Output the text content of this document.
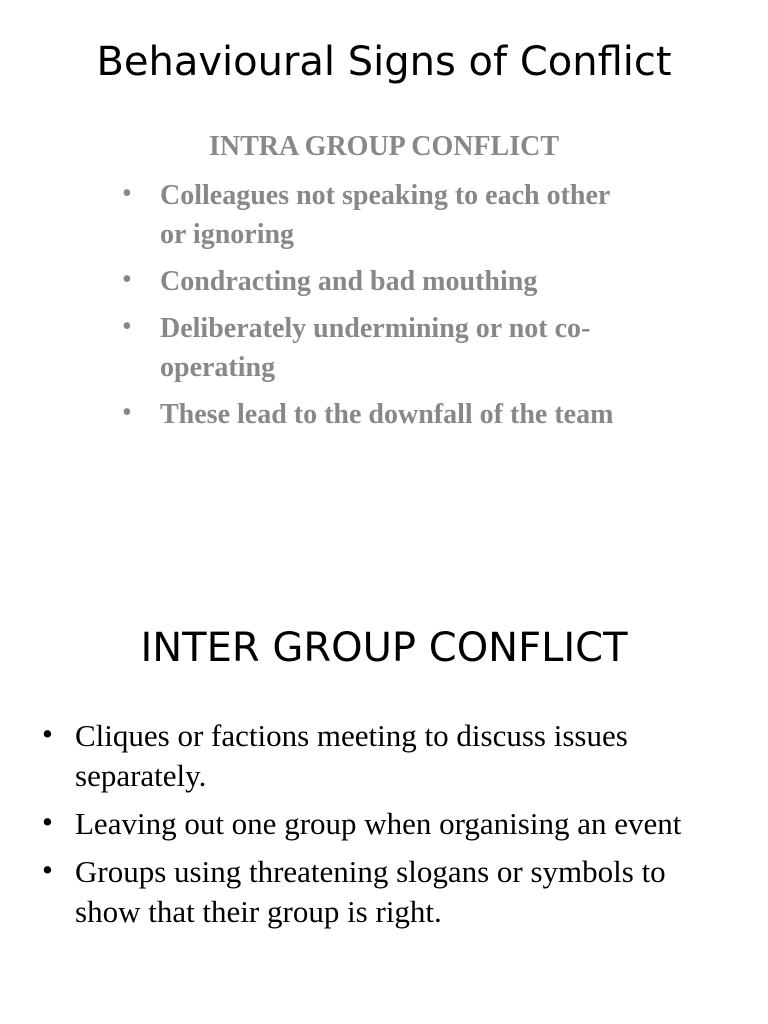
Behavioural Signs of Conflict
INTRA GROUP CONFLICT
• Colleagues not speaking to each other or ignoring
• Condracting and bad mouthing
• Deliberately undermining or not co-operating
• These lead to the downfall of the team
INTER GROUP CONFLICT
• Cliques or factions meeting to discuss issues separately.
• Leaving out one group when organising an event
• Groups using threatening slogans or symbols to show that their group is right.
